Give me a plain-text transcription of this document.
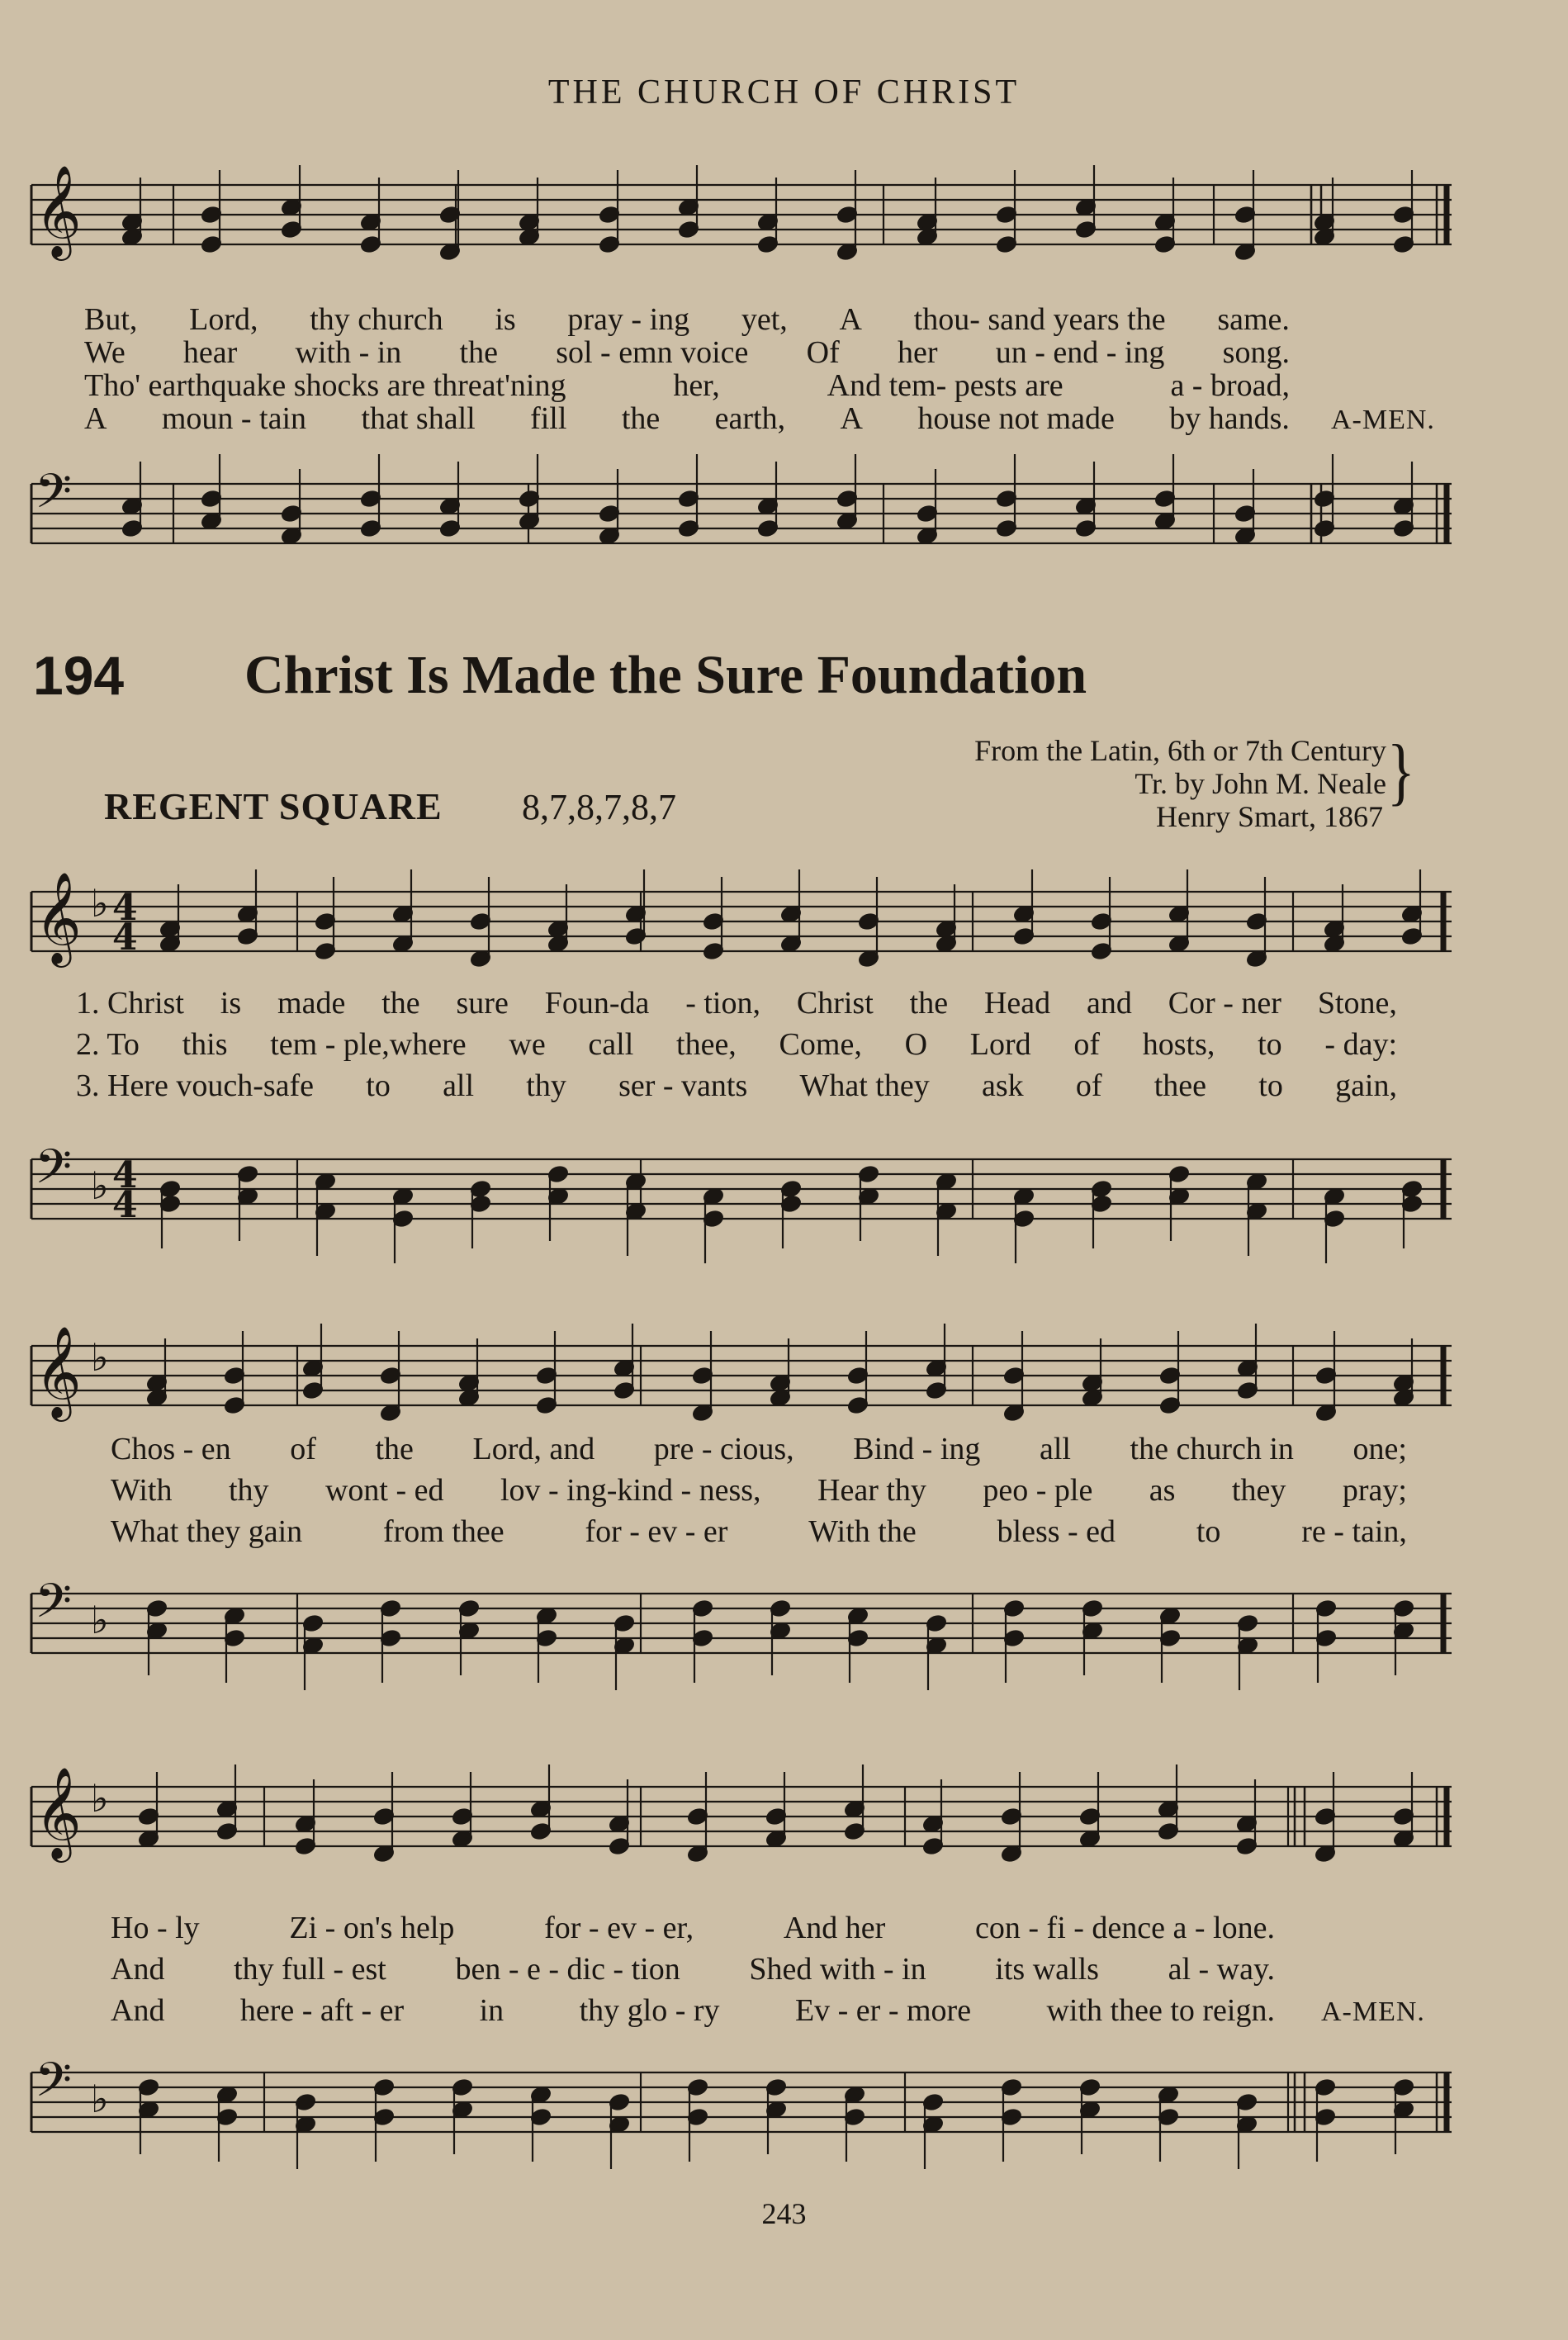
THE CHURCH OF CHRIST
𝄞
But, Lord, thy church is pray - ing yet, A thou- sand years the same.
We hear with - in the sol - emn voice Of her un - end - ing song.
Tho' earthquake shocks are threat'ning	her,	And tem- pests are	a - broad,
A moun - tain that shall fill the earth, A house not made by hands. A-MEN.
𝄢
194 Christ Is Made the Sure Foundation
From the Latin, 6th or 7th Century
Tr. by John M. Neale }
REGENT SQUARE 8,7,8,7,8,7	Henry Smart, 1867
𝄞 ♭ 4
4
1. Christ is made the sure Foun-da - tion, Christ the Head and Cor - ner Stone,
2. To this tem - ple,where we call thee, Come, O Lord of hosts, to - day:
3. Here vouch-safe to all thy ser - vants What they ask of thee to gain,
𝄢 ♭ 4
4
𝄞 ♭
Chos - en of the Lord, and pre - cious, Bind - ing all the church in one;
With thy wont - ed lov - ing-kind - ness, Hear thy peo - ple as they pray;
What they gain	from thee	for - ev - er	With the	bless - ed	to	re - tain,
𝄢 ♭
𝄞 ♭
Ho - ly	Zi - on's help	for - ev - er,	And her	con - fi - dence a - lone.
And thy full - est ben - e - dic - tion Shed with - in its walls al - way.
And here - aft - er in thy glo - ry Ev - er - more with thee to reign. A-MEN.
𝄢 ♭
243
